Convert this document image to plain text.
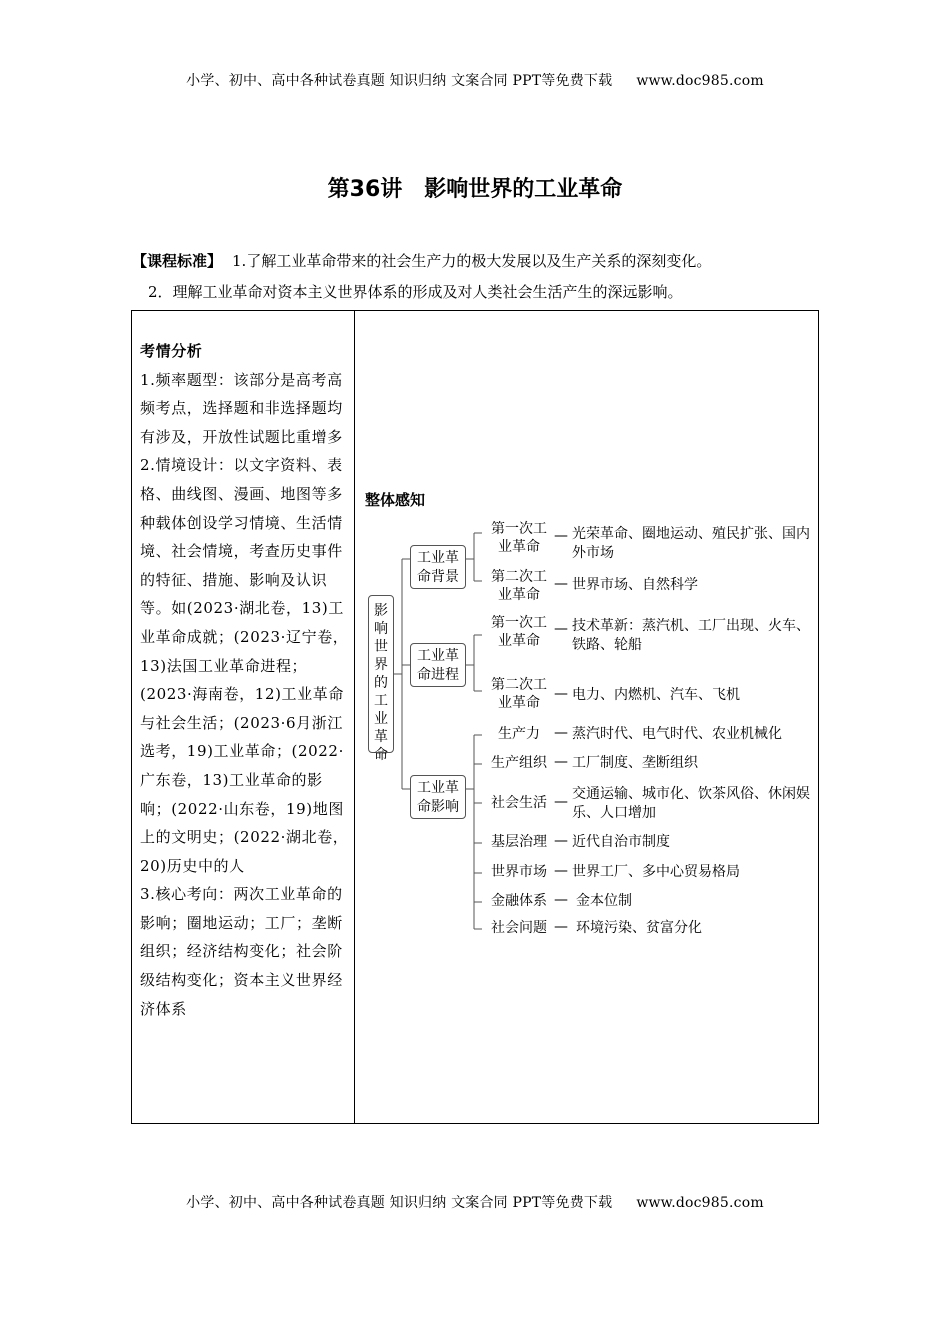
小学、初中、高中各种试卷真题 知识归纳 文案合同 PPT等免费下载 www.doc985.com
第36讲 影响世界的工业革命
【课程标准】 1.了解工业革命带来的社会生产力的极大发展以及生产关系的深刻变化。
2．理解工业革命对资本主义世界体系的形成及对人类社会生活产生的深远影响。

考情分析

1.频率题型：该部分是高考高频考点，选择题和非选择题均有涉及，开放性试题比重增多

2.情境设计：以文字资料、表格、曲线图、漫画、地图等多种载体创设学习情境、生活情境、社会情境，考查历史事件的特征、措施、影响及认识等。如(2023·湖北卷，13)工业革命成就；(2023·辽宁卷，13)法国工业革命进程；(2023·海南卷，12)工业革命与社会生活；(2023·6月浙江选考，19)工业革命；(2022·广东卷，13)工业革命的影响；(2022·山东卷，19)地图上的文明史；(2022·湖北卷，20)历史中的人

3.核心考向：两次工业革命的影响；圈地运动；工厂；垄断组织；经济结构变化；社会阶级结构变化；资本主义世界经济体系

整体感知
影响世界的工业革命
工业革命背景
工业革命进程
工业革命影响
第一次工业革命
— 光荣革命、圈地运动、殖民扩张、国内外市场
第二次工业革命
— 世界市场、自然科学
第一次工业革命
— 技术革新：蒸汽机、工厂出现、火车、铁路、轮船
第二次工业革命
— 电力、内燃机、汽车、飞机
生产力	— 蒸汽时代、电气时代、农业机械化
生产组织 — 工厂制度、垄断组织
社会生活 — 交通运输、城市化、饮茶风俗、休闲娱乐、人口增加
基层治理 — 近代自治市制度
世界市场 — 世界工厂、多中心贸易格局
金融体系 — 金本位制
社会问题 — 环境污染、贫富分化
小学、初中、高中各种试卷真题 知识归纳 文案合同 PPT等免费下载 www.doc985.com
